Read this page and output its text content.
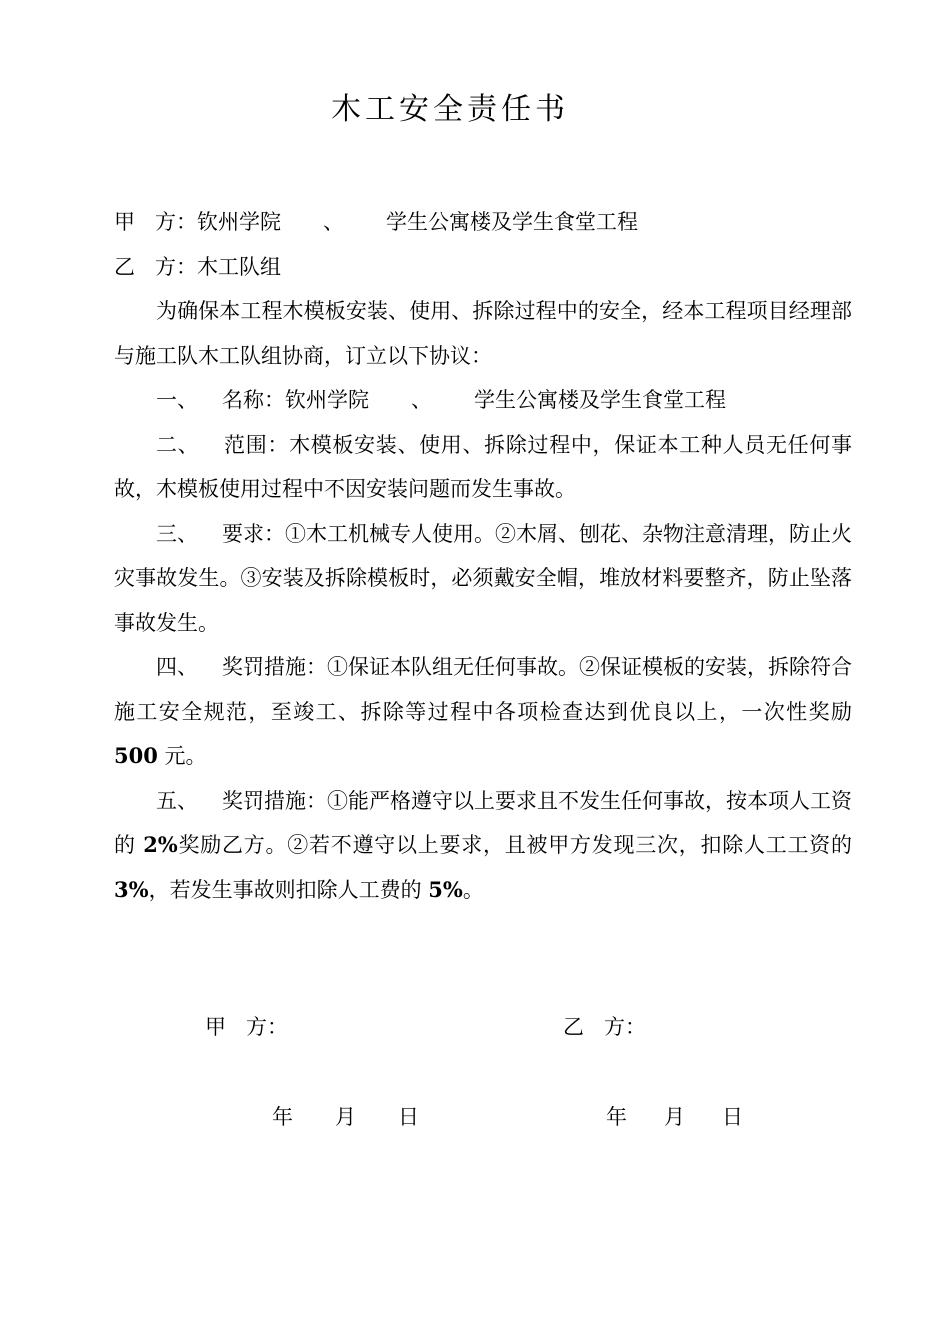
木工安全责任书
甲 方：钦州学院 、 学生公寓楼及学生食堂工程
乙 方：木工队组
为确保本工程木模板安装、使用、拆除过程中的安全，经本工程项目经理部与施工队木工队组协商，订立以下协议：
一、 名称：钦州学院 、 学生公寓楼及学生食堂工程
二、 范围：木模板安装、使用、拆除过程中，保证本工种人员无任何事故，木模板使用过程中不因安装问题而发生事故。
三、 要求：①木工机械专人使用。②木屑、刨花、杂物注意清理，防止火灾事故发生。③安装及拆除模板时，必须戴安全帽，堆放材料要整齐，防止坠落事故发生。
四、 奖罚措施：①保证本队组无任何事故。②保证模板的安装，拆除符合施工安全规范，至竣工、拆除等过程中各项检查达到优良以上，一次性奖励 500 元。
五、 奖罚措施：①能严格遵守以上要求且不发生任何事故，按本项人工资的 2%奖励乙方。②若不遵守以上要求，且被甲方发现三次，扣除人工工资的 3%，若发生事故则扣除人工费的 5%。
甲 方：	乙 方：
年 月 日	年 月 日
